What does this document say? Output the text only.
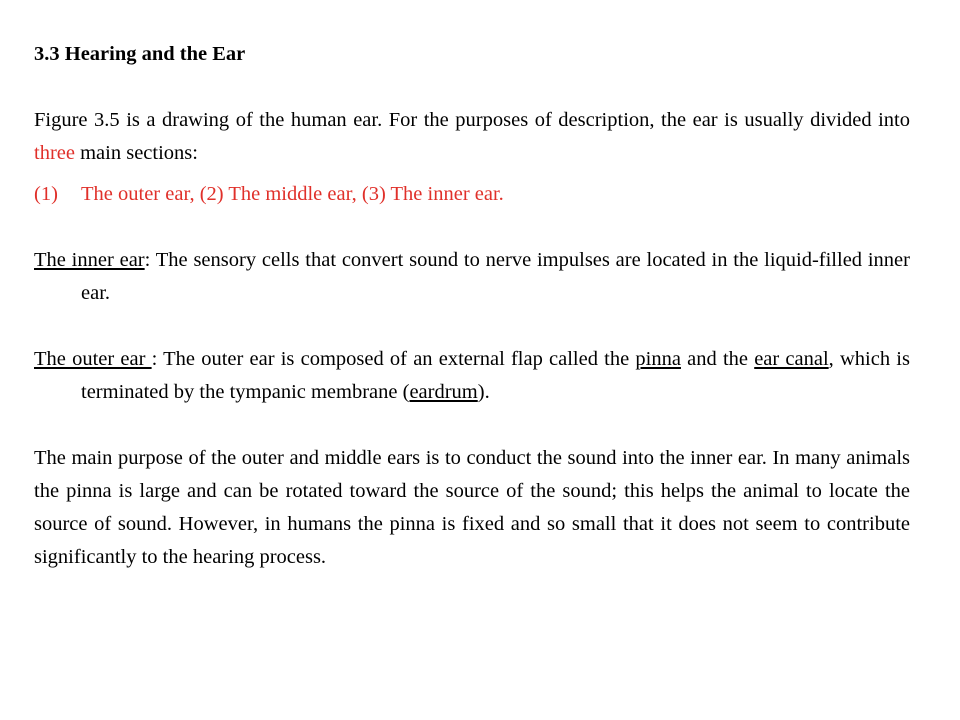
3.3 Hearing and the Ear

Figure 3.5 is a drawing of the human ear. For the purposes of description, the ear is usually divided into three main sections:

(1)	The outer ear, (2) The middle ear, (3) The inner ear.

The inner ear: The sensory cells that convert sound to nerve impulses are located in the liquid-filled inner ear.

The outer ear : The outer ear is composed of an external flap called the pinna and the ear canal, which is terminated by the tympanic membrane (eardrum).

The main purpose of the outer and middle ears is to conduct the sound into the inner ear. In many animals the pinna is large and can be rotated toward the source of the sound; this helps the animal to locate the source of sound. However, in humans the pinna is fixed and so small that it does not seem to contribute significantly to the hearing process.
